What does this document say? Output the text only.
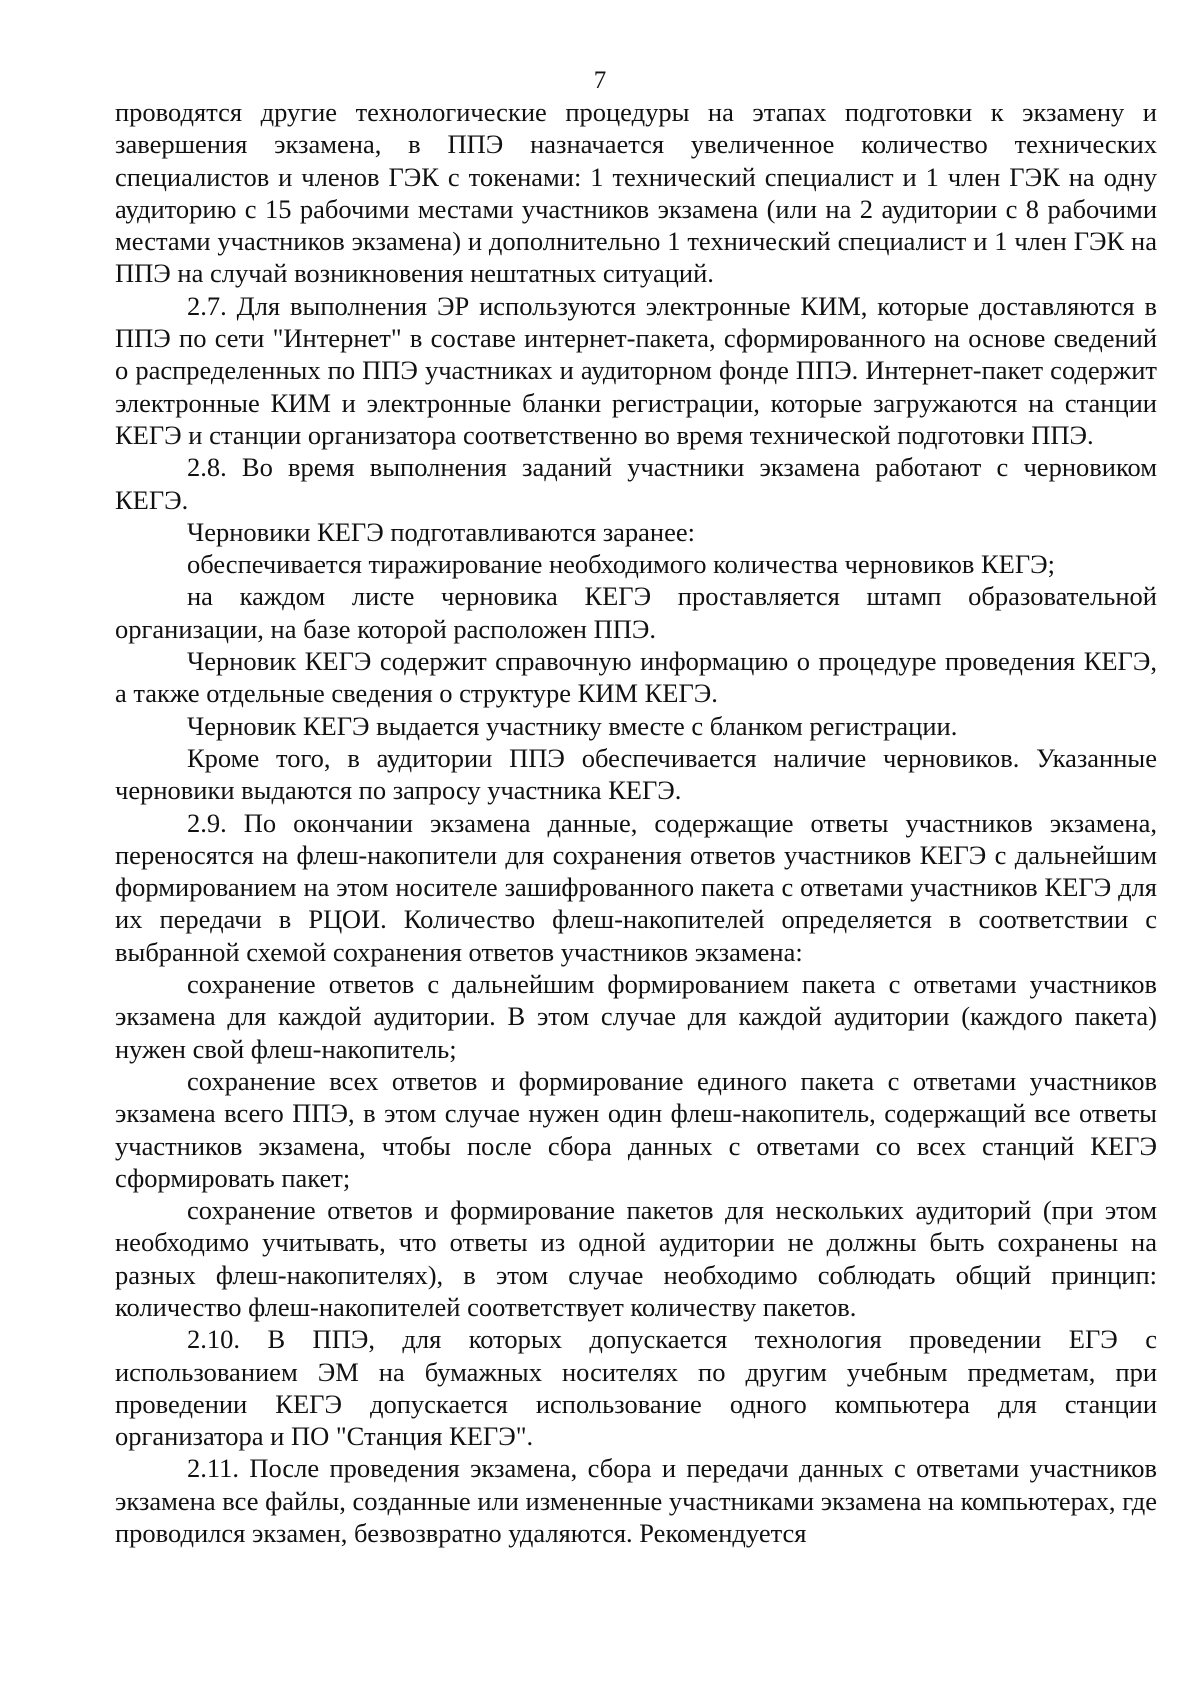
7

проводятся другие технологические процедуры на этапах подготовки к экзамену и завершения экзамена, в ППЭ назначается увеличенное количество технических специалистов и членов ГЭК с токенами: 1 технический специалист и 1 член ГЭК на одну аудиторию с 15 рабочими местами участников экзамена (или на 2 аудитории с 8 рабочими местами участников экзамена) и дополнительно 1 технический специалист и 1 член ГЭК на ППЭ на случай возникновения нештатных ситуаций.

2.7. Для выполнения ЭР используются электронные КИМ, которые доставляются в ППЭ по сети "Интернет" в составе интернет-пакета, сформированного на основе сведений о распределенных по ППЭ участниках и аудиторном фонде ППЭ. Интернет-пакет содержит электронные КИМ и электронные бланки регистрации, которые загружаются на станции КЕГЭ и станции организатора соответственно во время технической подготовки ППЭ.

2.8. Во время выполнения заданий участники экзамена работают с черновиком КЕГЭ.

Черновики КЕГЭ подготавливаются заранее:

обеспечивается тиражирование необходимого количества черновиков КЕГЭ;

на каждом листе черновика КЕГЭ проставляется штамп образовательной организации, на базе которой расположен ППЭ.

Черновик КЕГЭ содержит справочную информацию о процедуре проведения КЕГЭ, а также отдельные сведения о структуре КИМ КЕГЭ.

Черновик КЕГЭ выдается участнику вместе с бланком регистрации.

Кроме того, в аудитории ППЭ обеспечивается наличие черновиков. Указанные черновики выдаются по запросу участника КЕГЭ.

2.9. По окончании экзамена данные, содержащие ответы участников экзамена, переносятся на флеш-накопители для сохранения ответов участников КЕГЭ с дальнейшим формированием на этом носителе зашифрованного пакета с ответами участников КЕГЭ для их передачи в РЦОИ. Количество флеш-накопителей определяется в соответствии с выбранной схемой сохранения ответов участников экзамена:

сохранение ответов с дальнейшим формированием пакета с ответами участников экзамена для каждой аудитории. В этом случае для каждой аудитории (каждого пакета) нужен свой флеш-накопитель;

сохранение всех ответов и формирование единого пакета с ответами участников экзамена всего ППЭ, в этом случае нужен один флеш-накопитель, содержащий все ответы участников экзамена, чтобы после сбора данных с ответами со всех станций КЕГЭ сформировать пакет;

сохранение ответов и формирование пакетов для нескольких аудиторий (при этом необходимо учитывать, что ответы из одной аудитории не должны быть сохранены на разных флеш-накопителях), в этом случае необходимо соблюдать общий принцип: количество флеш-накопителей соответствует количеству пакетов.

2.10. В ППЭ, для которых допускается технология проведении ЕГЭ с использованием ЭМ на бумажных носителях по другим учебным предметам, при проведении КЕГЭ допускается использование одного компьютера для станции организатора и ПО "Станция КЕГЭ".

2.11. После проведения экзамена, сбора и передачи данных с ответами участников экзамена все файлы, созданные или измененные участниками экзамена на компьютерах, где проводился экзамен, безвозвратно удаляются. Рекомендуется
